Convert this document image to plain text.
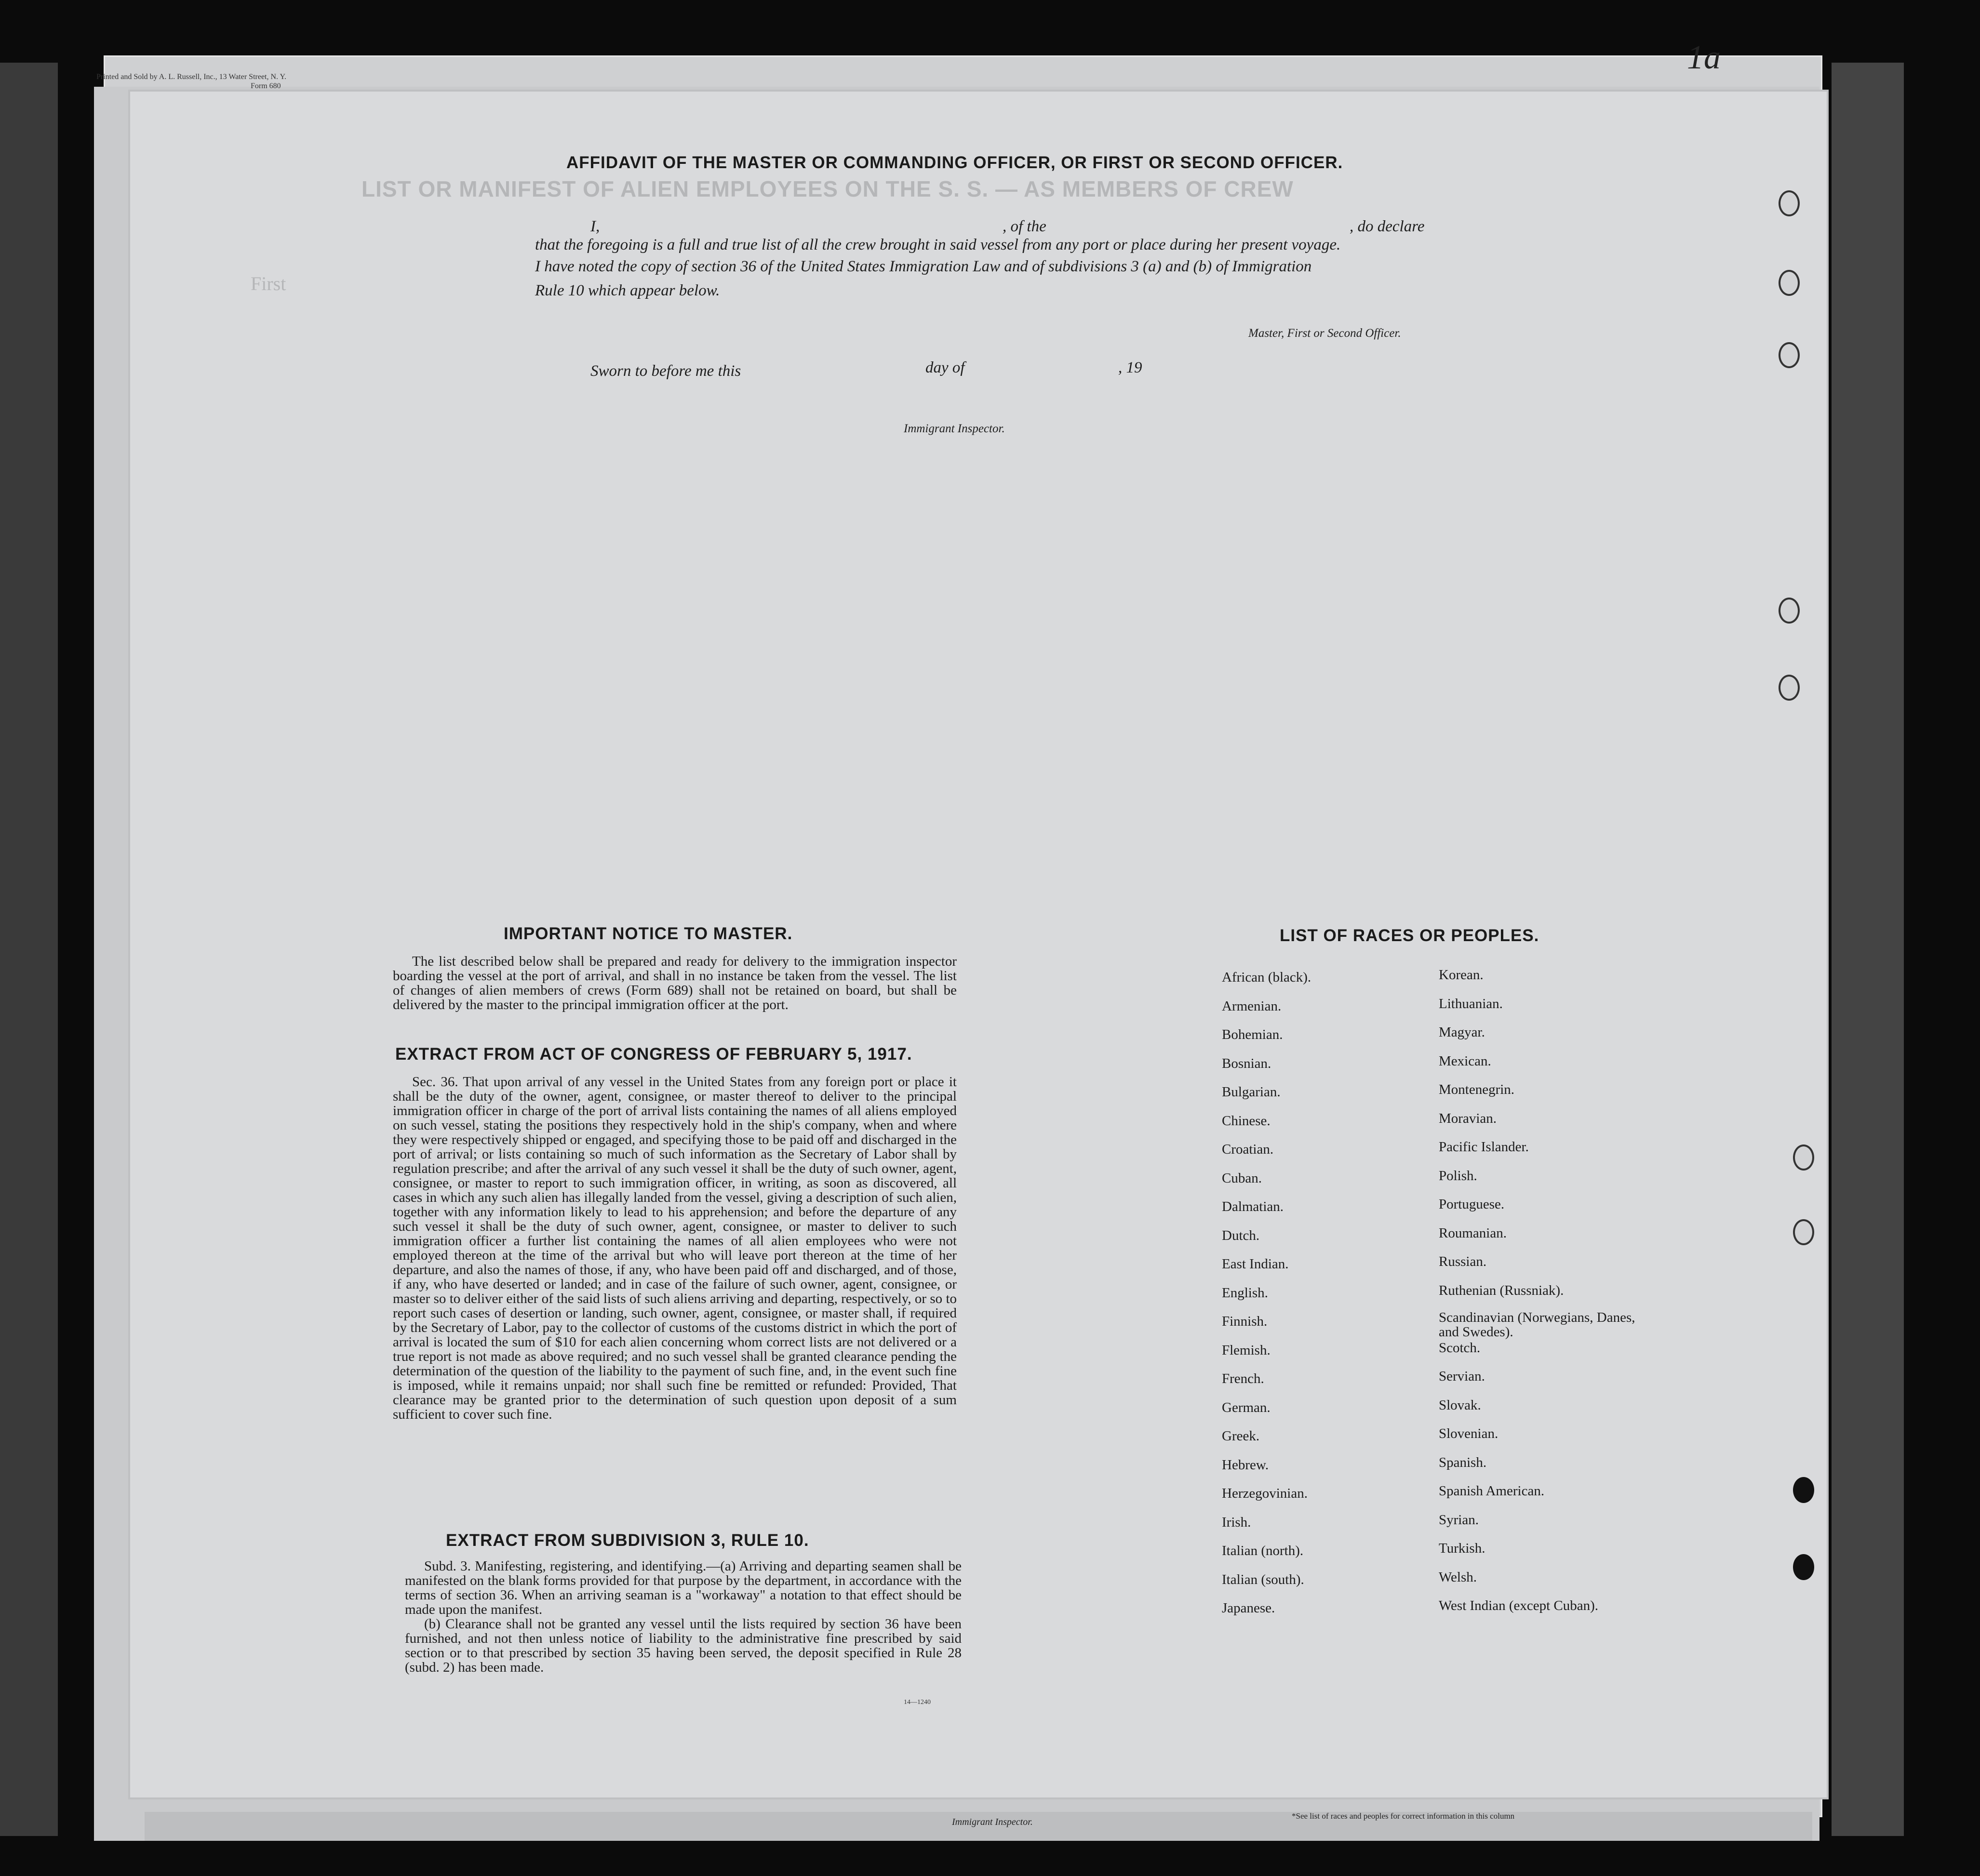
Printed and Sold by A. L. Russell, Inc., 13 Water Street, N. Y.
Form 680
1a
LIST OR MANIFEST OF ALIEN EMPLOYEES ON THE S. S. — AS MEMBERS OF CREW
First
AFFIDAVIT OF THE MASTER OR COMMANDING OFFICER, OR FIRST OR SECOND OFFICER.
I,	, of the	, do declare
that the foregoing is a full and true list of all the crew brought in said vessel from any port or place during her present voyage.
I have noted the copy of section 36 of the United States Immigration Law and of subdivisions 3 (a) and (b) of Immigration
Rule 10 which appear below.
Master, First or Second Officer.
Sworn to before me this	day of	, 19
Immigrant Inspector.
IMPORTANT NOTICE TO MASTER.

The list described below shall be prepared and ready for delivery to the immigration inspector boarding the vessel at the port of arrival, and shall in no instance be taken from the vessel. The list of changes of alien members of crews (Form 689) shall not be retained on board, but shall be delivered by the master to the principal immigration officer at the port.

EXTRACT FROM ACT OF CONGRESS OF FEBRUARY 5, 1917.

Sec. 36. That upon arrival of any vessel in the United States from any foreign port or place it shall be the duty of the owner, agent, consignee, or master thereof to deliver to the principal immigration officer in charge of the port of arrival lists containing the names of all aliens employed on such vessel, stating the positions they respectively hold in the ship's company, when and where they were respectively shipped or engaged, and specifying those to be paid off and discharged in the port of arrival; or lists containing so much of such information as the Secretary of Labor shall by regulation prescribe; and after the arrival of any such vessel it shall be the duty of such owner, agent, consignee, or master to report to such immigration officer, in writing, as soon as discovered, all cases in which any such alien has illegally landed from the vessel, giving a description of such alien, together with any information likely to lead to his apprehension; and before the departure of any such vessel it shall be the duty of such owner, agent, consignee, or master to deliver to such immigration officer a further list containing the names of all alien employees who were not employed thereon at the time of the arrival but who will leave port thereon at the time of her departure, and also the names of those, if any, who have been paid off and discharged, and of those, if any, who have deserted or landed; and in case of the failure of such owner, agent, consignee, or master so to deliver either of the said lists of such aliens arriving and departing, respectively, or so to report such cases of desertion or landing, such owner, agent, consignee, or master shall, if required by the Secretary of Labor, pay to the collector of customs of the customs district in which the port of arrival is located the sum of $10 for each alien concerning whom correct lists are not delivered or a true report is not made as above required; and no such vessel shall be granted clearance pending the determination of the question of the liability to the payment of such fine, and, in the event such fine is imposed, while it remains unpaid; nor shall such fine be remitted or refunded: Provided, That clearance may be granted prior to the determination of such question upon deposit of a sum sufficient to cover such fine.

EXTRACT FROM SUBDIVISION 3, RULE 10.

Subd. 3. Manifesting, registering, and identifying.—(a) Arriving and departing seamen shall be manifested on the blank forms provided for that purpose by the department, in accordance with the terms of section 36. When an arriving seaman is a "workaway" a notation to that effect should be made upon the manifest.

(b) Clearance shall not be granted any vessel until the lists required by section 36 have been furnished, and not then unless notice of liability to the administrative fine prescribed by said section or to that prescribed by section 35 having been served, the deposit specified in Rule 28 (subd. 2) has been made.

14—1240
LIST OF RACES OR PEOPLES.
African (black).
Armenian.
Bohemian.
Bosnian.
Bulgarian.
Chinese.
Croatian.
Cuban.
Dalmatian.
Dutch.
East Indian.
English.
Finnish.
Flemish.
French.
German.
Greek.
Hebrew.
Herzegovinian.
Irish.
Italian (north).
Italian (south).
Japanese.
Korean.
Lithuanian.
Magyar.
Mexican.
Montenegrin.
Moravian.
Pacific Islander.
Polish.
Portuguese.
Roumanian.
Russian.
Ruthenian (Russniak).
Scandinavian (Norwegians, Danes, and Swedes).
Scotch.
Servian.
Slovak.
Slovenian.
Spanish.
Spanish American.
Syrian.
Turkish.
Welsh.
West Indian (except Cuban).
Immigrant Inspector.
*See list of races and peoples for correct information in this column
